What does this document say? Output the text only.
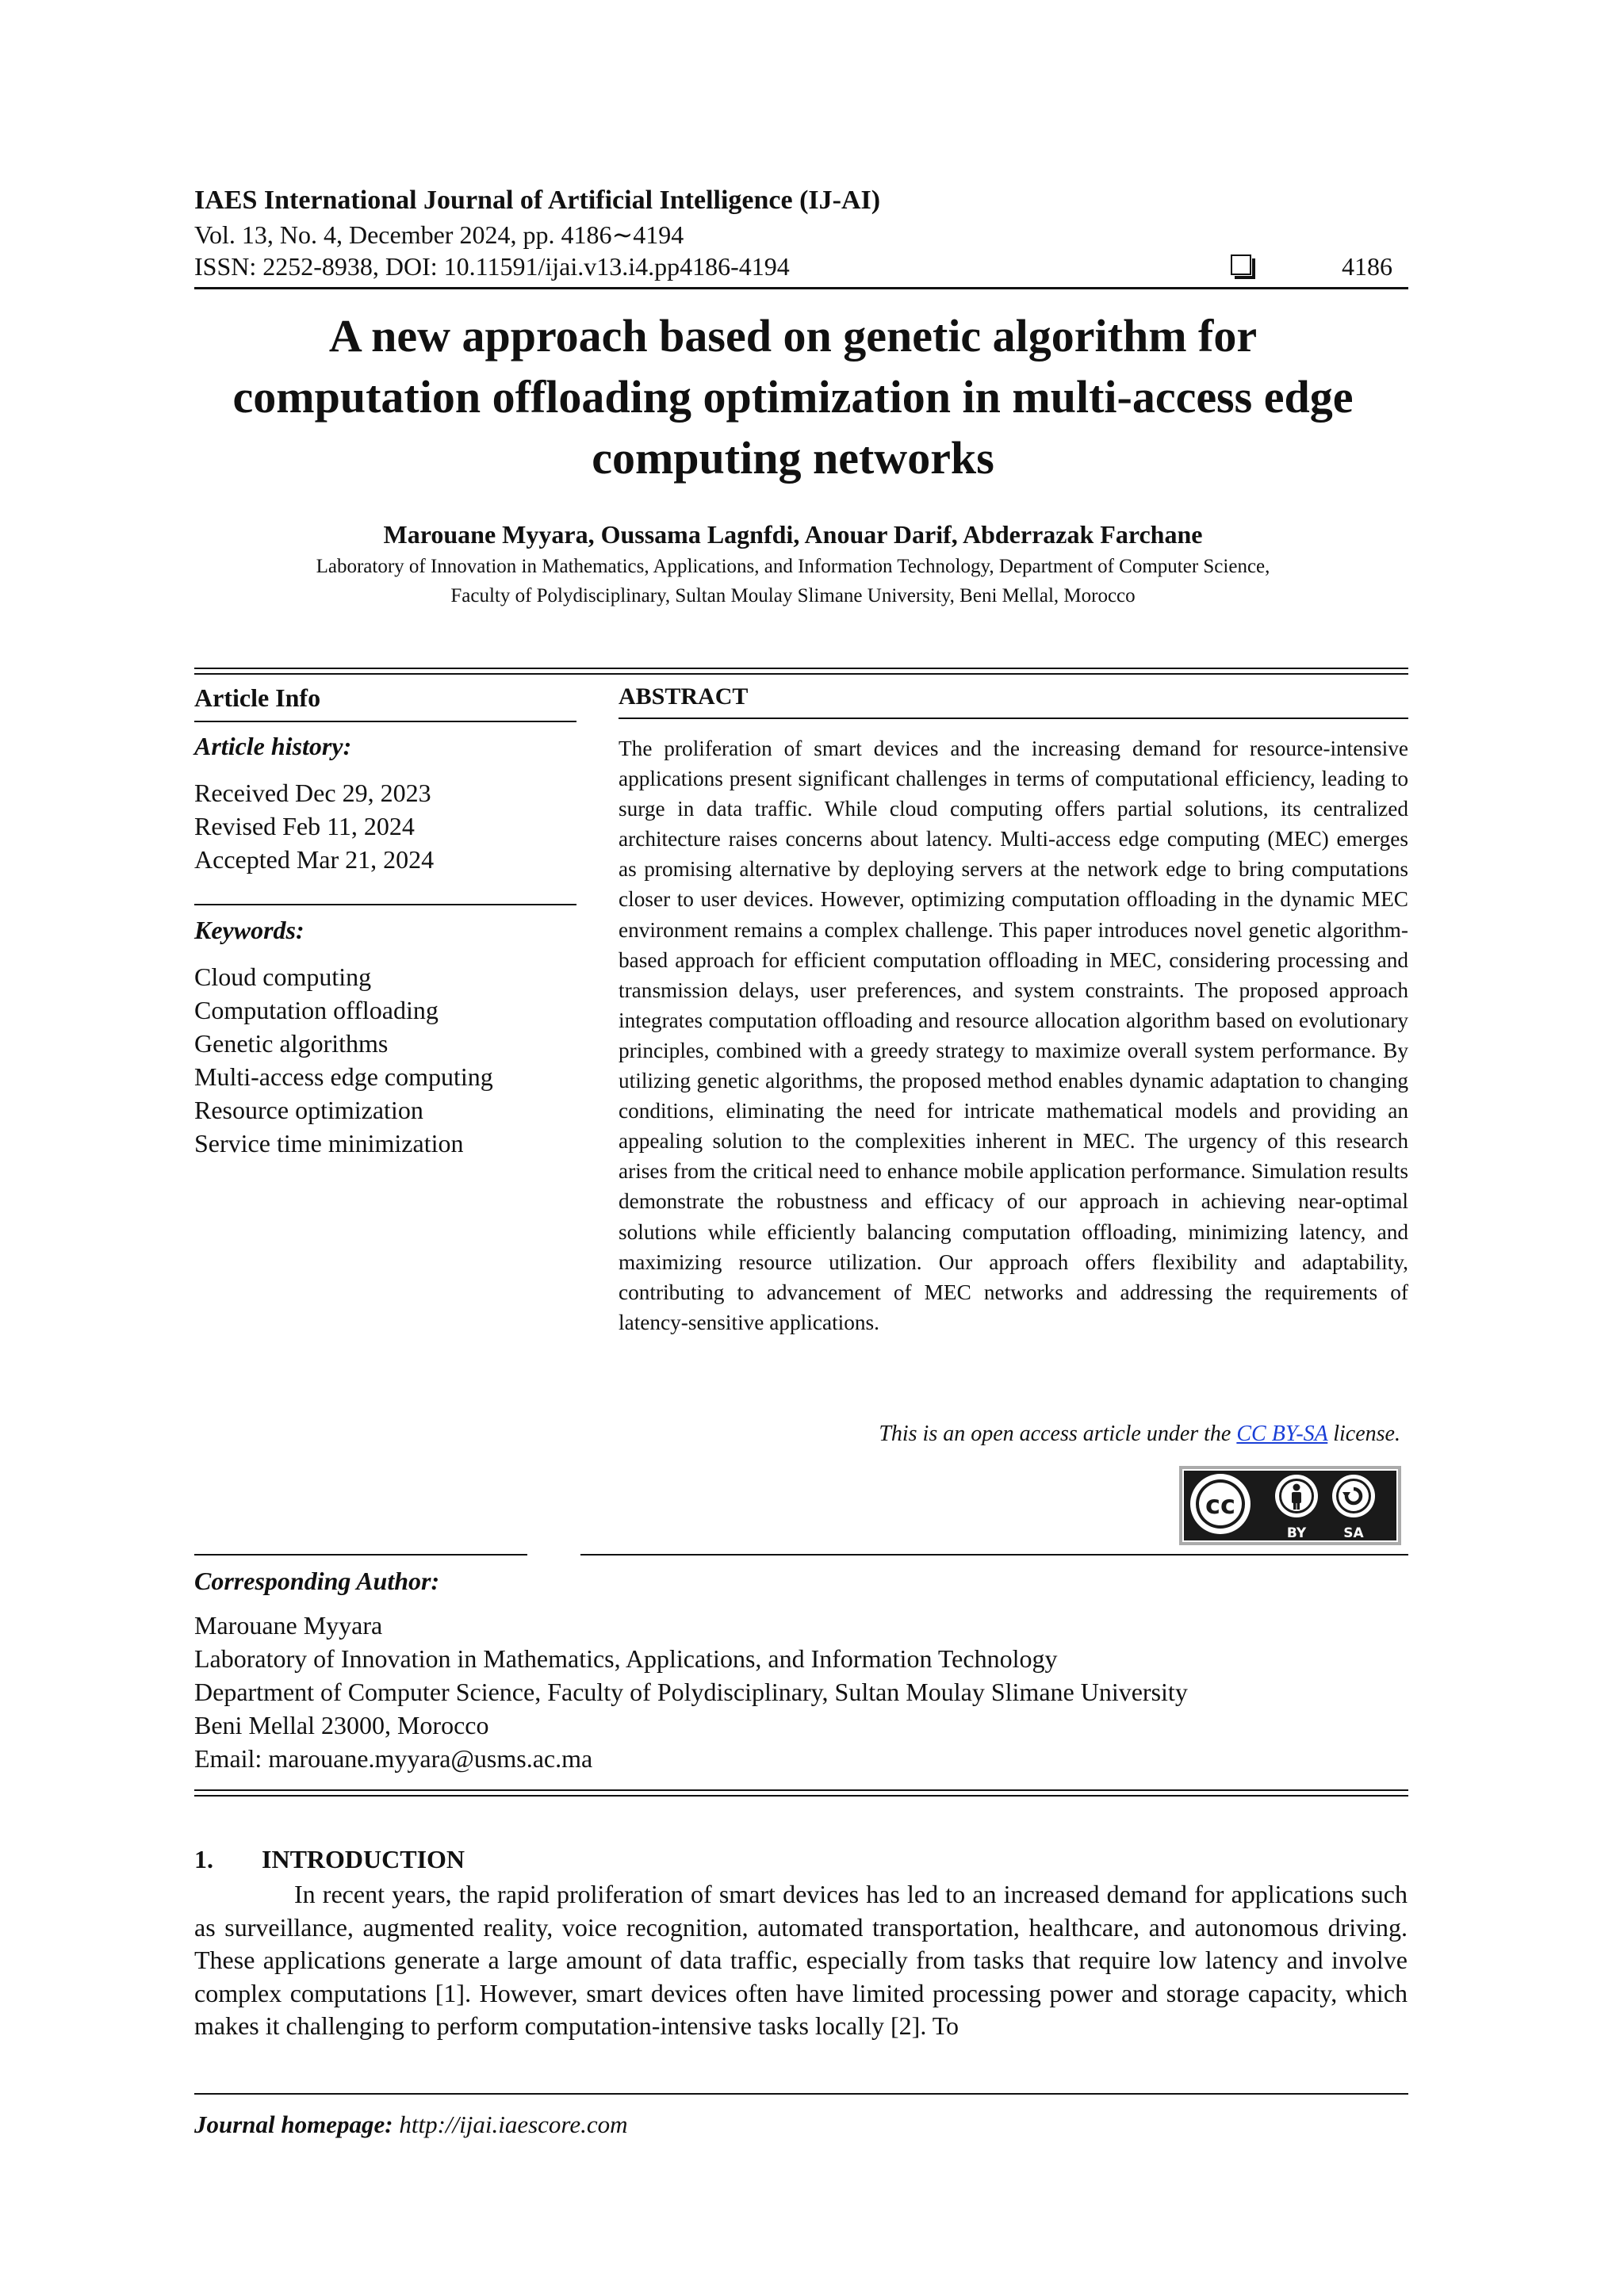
IAES International Journal of Artificial Intelligence (IJ-AI)
Vol. 13, No. 4, December 2024, pp. 4186∼4194
ISSN: 2252-8938, DOI: 10.11591/ijai.v13.i4.pp4186-4194	4186
A new approach based on genetic algorithm for
computation offloading optimization in multi-access edge
computing networks
Marouane Myyara, Oussama Lagnfdi, Anouar Darif, Abderrazak Farchane
Laboratory of Innovation in Mathematics, Applications, and Information Technology, Department of Computer Science,
Faculty of Polydisciplinary, Sultan Moulay Slimane University, Beni Mellal, Morocco
Article Info
Article history:
Received Dec 29, 2023
Revised Feb 11, 2024
Accepted Mar 21, 2024
Keywords:
Cloud computing
Computation offloading
Genetic algorithms
Multi-access edge computing
Resource optimization
Service time minimization
ABSTRACT
The proliferation of smart devices and the increasing demand for resource-intensive applications present significant challenges in terms of computational efficiency, leading to surge in data traffic. While cloud computing offers partial solutions, its centralized architecture raises concerns about latency. Multi-access edge computing (MEC) emerges as promising alternative by deploying servers at the network edge to bring computations closer to user devices. However, optimizing computation offloading in the dynamic MEC environment remains a complex challenge. This paper introduces novel genetic algorithm-based approach for efficient computation offloading in MEC, considering processing and transmission delays, user preferences, and system constraints. The proposed approach integrates computation offloading and resource allocation algorithm based on evolutionary principles, combined with a greedy strategy to maximize overall system performance. By utilizing genetic algorithms, the proposed method enables dynamic adaptation to changing conditions, eliminating the need for intricate mathematical models and providing an appealing solution to the complexities inherent in MEC. The urgency of this research arises from the critical need to enhance mobile application performance. Simulation results demonstrate the robustness and efficacy of our approach in achieving near-optimal solutions while efficiently balancing computation offloading, minimizing latency, and maximizing resource utilization. Our approach offers flexibility and adaptability, contributing to advancement of MEC networks and addressing the requirements of latency-sensitive applications.
This is an open access article under the CC BY-SA license.
cc
BY	SA
Corresponding Author:
Marouane Myyara
Laboratory of Innovation in Mathematics, Applications, and Information Technology
Department of Computer Science, Faculty of Polydisciplinary, Sultan Moulay Slimane University
Beni Mellal 23000, Morocco
Email: marouane.myyara@usms.ac.ma
1. INTRODUCTION
In recent years, the rapid proliferation of smart devices has led to an increased demand for applications such as surveillance, augmented reality, voice recognition, automated transportation, healthcare, and autonomous driving. These applications generate a large amount of data traffic, especially from tasks that require low latency and involve complex computations [1]. However, smart devices often have limited processing power and storage capacity, which makes it challenging to perform computation-intensive tasks locally [2]. To
Journal homepage: http://ijai.iaescore.com
